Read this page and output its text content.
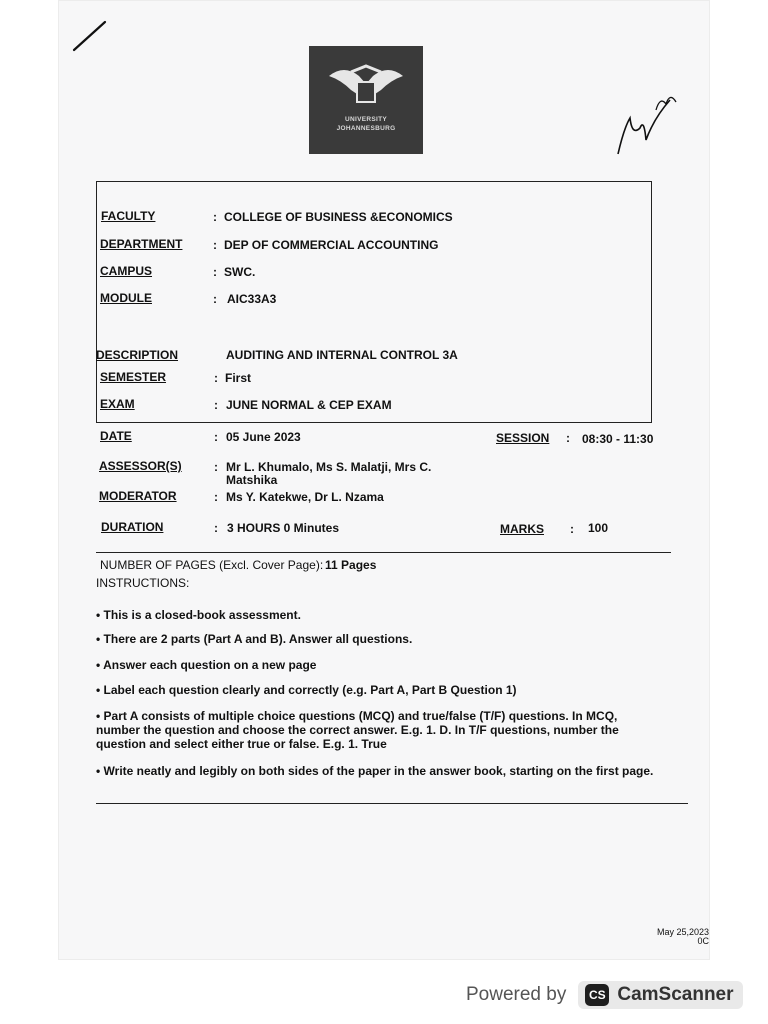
UNIVERSITY
JOHANNESBURG
FACULTY	: COLLEGE OF BUSINESS &ECONOMICS
DEPARTMENT	: DEP OF COMMERCIAL ACCOUNTING
CAMPUS	: SWC.
MODULE	: AIC33A3
DESCRIPTION	AUDITING AND INTERNAL CONTROL 3A
SEMESTER	: First
EXAM	: JUNE NORMAL & CEP EXAM
DATE	: 05 June 2023	SESSION : 08:30 - 11:30
ASSESSOR(S)	: Mr L. Khumalo, Ms S. Malatji, Mrs C.
Matshika
MODERATOR	: Ms Y. Katekwe, Dr L. Nzama
DURATION	: 3 HOURS 0 Minutes	MARKS : 100
NUMBER OF PAGES (Excl. Cover Page): 11 Pages
INSTRUCTIONS:
• This is a closed-book assessment.
• There are 2 parts (Part A and B). Answer all questions.
• Answer each question on a new page
• Label each question clearly and correctly (e.g. Part A, Part B Question 1)
• Part A consists of multiple choice questions (MCQ) and true/false (T/F) questions. In MCQ, number the question and choose the correct answer. E.g. 1. D. In T/F questions, number the question and select either true or false. E.g. 1. True
• Write neatly and legibly on both sides of the paper in the answer book, starting on the first page.
May 25,2023
0C
Powered by	CS CamScanner
